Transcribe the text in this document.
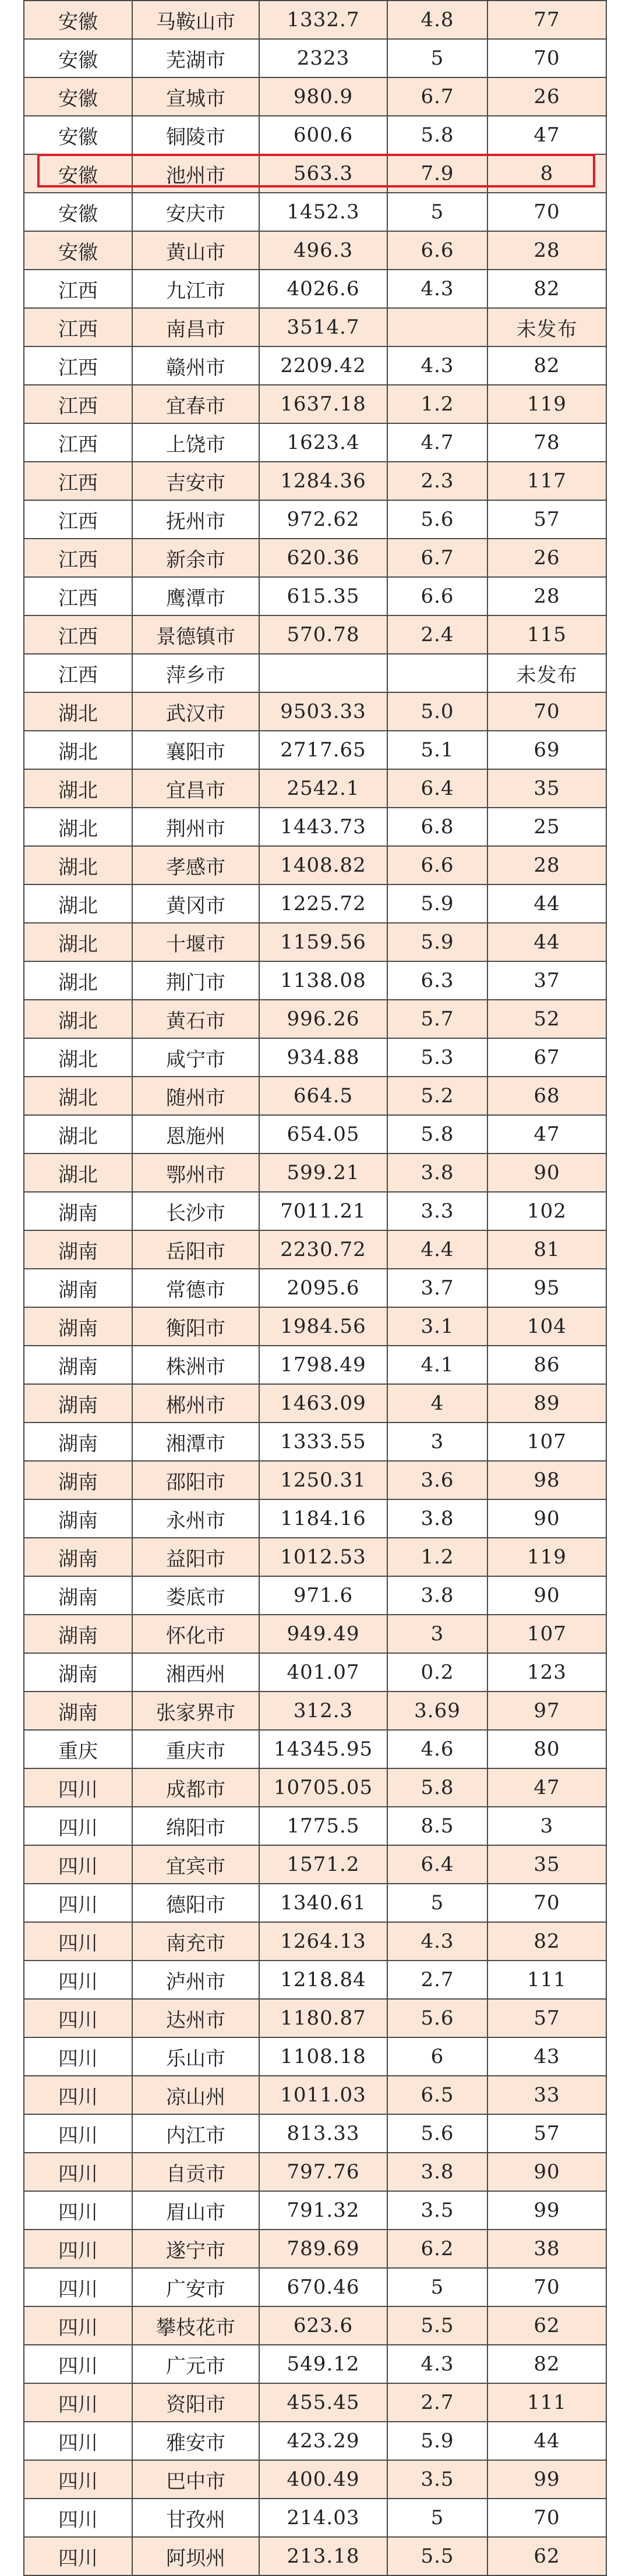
安徽	马鞍山市	1332.7	4.8	77
安徽	芜湖市	2323	5	70
安徽	宣城市	980.9	6.7	26
安徽	铜陵市	600.6	5.8	47
安徽	池州市	563.3	7.9	8
安徽	安庆市	1452.3	5	70
安徽	黄山市	496.3	6.6	28
江西	九江市	4026.6	4.3	82
江西	南昌市	3514.7		未发布
江西	赣州市	2209.42	4.3	82
江西	宜春市	1637.18	1.2	119
江西	上饶市	1623.4	4.7	78
江西	吉安市	1284.36	2.3	117
江西	抚州市	972.62	5.6	57
江西	新余市	620.36	6.7	26
江西	鹰潭市	615.35	6.6	28
江西	景德镇市	570.78	2.4	115
江西	萍乡市			未发布
湖北	武汉市	9503.33	5.0	70
湖北	襄阳市	2717.65	5.1	69
湖北	宜昌市	2542.1	6.4	35
湖北	荆州市	1443.73	6.8	25
湖北	孝感市	1408.82	6.6	28
湖北	黄冈市	1225.72	5.9	44
湖北	十堰市	1159.56	5.9	44
湖北	荆门市	1138.08	6.3	37
湖北	黄石市	996.26	5.7	52
湖北	咸宁市	934.88	5.3	67
湖北	随州市	664.5	5.2	68
湖北	恩施州	654.05	5.8	47
湖北	鄂州市	599.21	3.8	90
湖南	长沙市	7011.21	3.3	102
湖南	岳阳市	2230.72	4.4	81
湖南	常德市	2095.6	3.7	95
湖南	衡阳市	1984.56	3.1	104
湖南	株洲市	1798.49	4.1	86
湖南	郴州市	1463.09	4	89
湖南	湘潭市	1333.55	3	107
湖南	邵阳市	1250.31	3.6	98
湖南	永州市	1184.16	3.8	90
湖南	益阳市	1012.53	1.2	119
湖南	娄底市	971.6	3.8	90
湖南	怀化市	949.49	3	107
湖南	湘西州	401.07	0.2	123
湖南	张家界市	312.3	3.69	97
重庆	重庆市	14345.95	4.6	80
四川	成都市	10705.05	5.8	47
四川	绵阳市	1775.5	8.5	3
四川	宜宾市	1571.2	6.4	35
四川	德阳市	1340.61	5	70
四川	南充市	1264.13	4.3	82
四川	泸州市	1218.84	2.7	111
四川	达州市	1180.87	5.6	57
四川	乐山市	1108.18	6	43
四川	凉山州	1011.03	6.5	33
四川	内江市	813.33	5.6	57
四川	自贡市	797.76	3.8	90
四川	眉山市	791.32	3.5	99
四川	遂宁市	789.69	6.2	38
四川	广安市	670.46	5	70
四川	攀枝花市	623.6	5.5	62
四川	广元市	549.12	4.3	82
四川	资阳市	455.45	2.7	111
四川	雅安市	423.29	5.9	44
四川	巴中市	400.49	3.5	99
四川	甘孜州	214.03	5	70
四川	阿坝州	213.18	5.5	62
